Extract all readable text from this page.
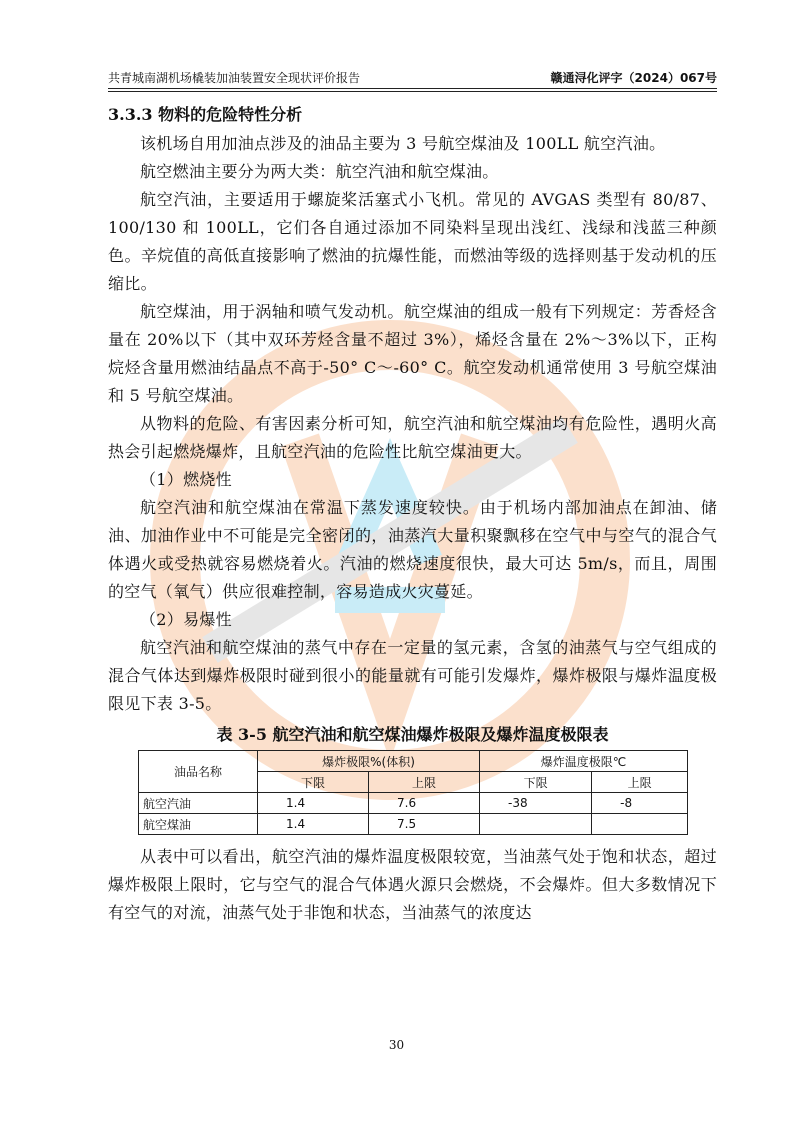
共青城南湖机场橇装加油装置安全现状评价报告	赣通浔化评字（2024）067号
3.3.3 物料的危险特性分析

该机场自用加油点涉及的油品主要为 3 号航空煤油及 100LL 航空汽油。

航空燃油主要分为两大类：航空汽油和航空煤油。

航空汽油，主要适用于螺旋桨活塞式小飞机。常见的 AVGAS 类型有 80/87、100/130 和 100LL，它们各自通过添加不同染料呈现出浅红、浅绿和浅蓝三种颜色。辛烷值的高低直接影响了燃油的抗爆性能，而燃油等级的选择则基于发动机的压缩比。

航空煤油，用于涡轴和喷气发动机。航空煤油的组成一般有下列规定：芳香烃含量在 20%以下（其中双环芳烃含量不超过 3%），烯烃含量在 2%～3%以下，正构烷烃含量用燃油结晶点不高于-50° C～-60° C。航空发动机通常使用 3 号航空煤油和 5 号航空煤油。

从物料的危险、有害因素分析可知，航空汽油和航空煤油均有危险性，遇明火高热会引起燃烧爆炸，且航空汽油的危险性比航空煤油更大。

（1）燃烧性

航空汽油和航空煤油在常温下蒸发速度较快。由于机场内部加油点在卸油、储油、加油作业中不可能是完全密闭的，油蒸汽大量积聚飘移在空气中与空气的混合气体遇火或受热就容易燃烧着火。汽油的燃烧速度很快，最大可达 5m/s，而且，周围的空气（氧气）供应很难控制，容易造成火灾蔓延。

（2）易爆性

航空汽油和航空煤油的蒸气中存在一定量的氢元素，含氢的油蒸气与空气组成的混合气体达到爆炸极限时碰到很小的能量就有可能引发爆炸，爆炸极限与爆炸温度极限见下表 3-5。

表 3-5 航空汽油和航空煤油爆炸极限及爆炸温度极限表
油品名称	爆炸极限%(体积)		爆炸温度极限℃	
	下限	上限	下限	上限
航空汽油	1.4	7.6	-38	-8
航空煤油	1.4	7.5		

从表中可以看出，航空汽油的爆炸温度极限较宽，当油蒸气处于饱和状态，超过爆炸极限上限时，它与空气的混合气体遇火源只会燃烧，不会爆炸。但大多数情况下有空气的对流，油蒸气处于非饱和状态，当油蒸气的浓度达

30
